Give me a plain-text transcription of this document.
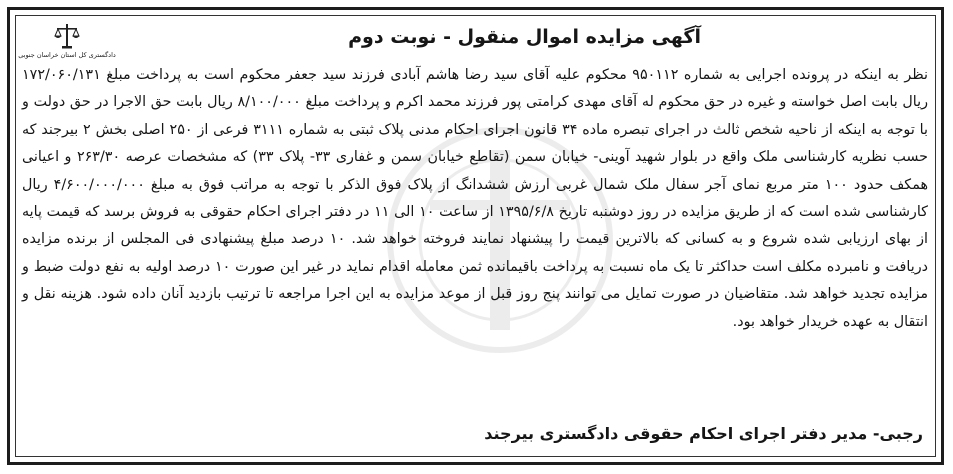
دادگستری کل استان خراسان جنوبی
آگهی مزایده اموال منقول - نوبت دوم

نظر به اینکه در پرونده اجرایی به شماره ۹۵۰۱۱۲ محکوم علیه آقای سید رضا هاشم آبادی فرزند سید جعفر محکوم است به پرداخت مبلغ ۱۷۲/۰۶۰/۱۳۱ ریال بابت اصل خواسته و غیره در حق محکوم له آقای مهدی کرامتی پور فرزند محمد اکرم و پرداخت مبلغ ۸/۱۰۰/۰۰۰ ریال بابت حق الاجرا در حق دولت و با توجه به اینکه از ناحیه شخص ثالث در اجرای تبصره ماده ۳۴ قانون اجرای احکام مدنی پلاک ثبتی به شماره ۳۱۱۱ فرعی از ۲۵۰ اصلی بخش ۲ بیرجند که حسب نظریه کارشناسی ملک واقع در بلوار شهید آوینی- خیابان سمن (تقاطع خیابان سمن و غفاری ۳۳- پلاک ۳۳) که مشخصات عرصه ۲۶۳/۳۰ و اعیانی همکف حدود ۱۰۰ متر مربع نمای آجر سفال ملک شمال غربی ارزش ششدانگ از پلاک فوق الذکر با توجه به مراتب فوق به مبلغ ۴/۶۰۰/۰۰۰/۰۰۰ ریال کارشناسی شده است که از طریق مزایده در روز دوشنبه تاریخ ۱۳۹۵/۶/۸ از ساعت ۱۰ الی ۱۱ در دفتر اجرای احکام حقوقی به فروش برسد که قیمت پایه از بهای ارزیابی شده شروع و به کسانی که بالاترین قیمت را پیشنهاد نمایند فروخته خواهد شد. ۱۰ درصد مبلغ پیشنهادی فی المجلس از برنده مزایده دریافت و نامبرده مکلف است حداکثر تا یک ماه نسبت به پرداخت باقیمانده ثمن معامله اقدام نماید در غیر این صورت ۱۰ درصد اولیه به نفع دولت ضبط و مزایده تجدید خواهد شد. متقاضیان در صورت تمایل می توانند پنج روز قبل از موعد مزایده به این اجرا مراجعه تا ترتیب بازدید آنان داده شود. هزینه نقل و انتقال به عهده خریدار خواهد بود.

رجبی- مدیر دفتر اجرای احکام حقوقی دادگستری بیرجند
